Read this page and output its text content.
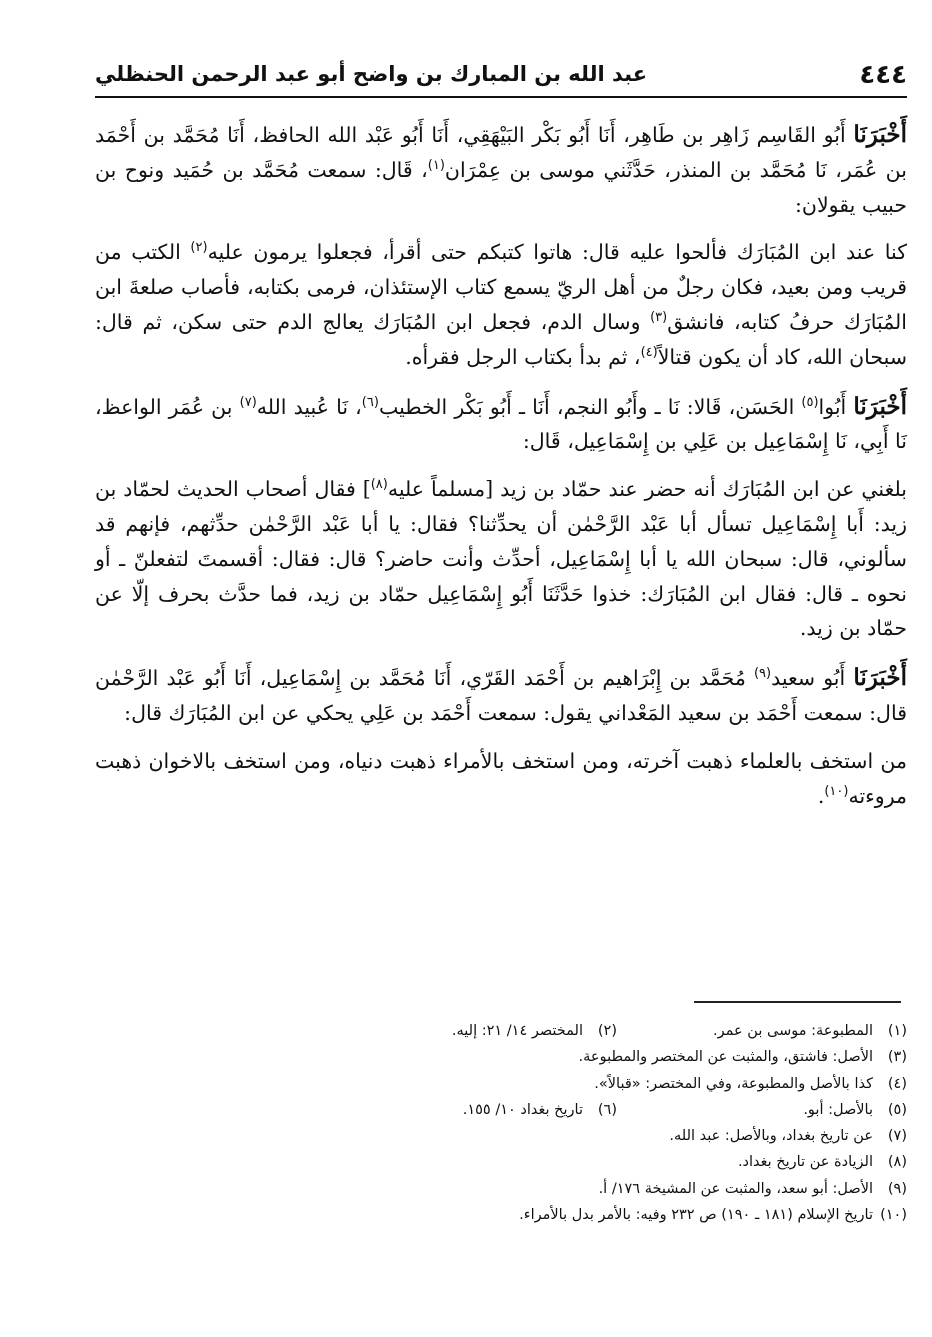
٤٤٤
عبد الله بن المبارك بن واضح أبو عبد الرحمن الحنظلي

أَخْبَرَنَا أَبُو القَاسِم زَاهِر بن طَاهِر، أَنَا أَبُو بَكْر البَيْهَقِي، أَنَا أَبُو عَبْد الله الحافظ، أَنَا مُحَمَّد بن أَحْمَد بن عُمَر، نَا مُحَمَّد بن المنذر، حَدَّثَني موسى بن عِمْرَان$^{(١)}$، قَال: سمعت مُحَمَّد بن حُمَيد ونوح بن حبيب يقولان:

كنا عند ابن المُبَارَك فألحوا عليه قال: هاتوا كتبكم حتى أقرأ، فجعلوا يرمون عليه$^{(٢)}$ الكتب من قريب ومن بعيد، فكان رجلٌ من أهل الريّ يسمع كتاب الإستئذان، فرمى بكتابه، فأصاب صلعةَ ابن المُبَارَك حرفُ كتابه، فانشق$^{(٣)}$ وسال الدم، فجعل ابن المُبَارَك يعالج الدم حتى سكن، ثم قال: سبحان الله، كاد أن يكون قتالاً$^{(٤)}$، ثم بدأ بكتاب الرجل فقرأه.

أَخْبَرَنَا أَبُوا$^{(٥)}$ الحَسَن، قَالا: نَا ـ وأَبُو النجم، أَنَا ـ أَبُو بَكْر الخطيب$^{(٦)}$، نَا عُبيد الله$^{(٧)}$ بن عُمَر الواعظ، نَا أَبِي، نَا إِسْمَاعِيل بن عَلِي بن إِسْمَاعِيل، قَال:

بلغني عن ابن المُبَارَك أنه حضر عند حمّاد بن زيد [مسلماً عليه$^{(٨)}$] فقال أصحاب الحديث لحمّاد بن زيد: أَبا إِسْمَاعِيل تسأل أبا عَبْد الرَّحْمٰن أن يحدِّثنا؟ فقال: يا أبا عَبْد الرَّحْمٰن حدِّثهم، فإنهم قد سألوني، قال: سبحان الله يا أبا إِسْمَاعِيل، أحدِّث وأنت حاضر؟ قال: فقال: أقسمتَ لتفعلنّ ـ أو نحوه ـ قال: فقال ابن المُبَارَك: خذوا حَدَّثَنَا أَبُو إِسْمَاعِيل حمّاد بن زيد، فما حدَّث بحرف إلّا عن حمّاد بن زيد.

أَخْبَرَنَا أَبُو سعيد$^{(٩)}$ مُحَمَّد بن إِبْرَاهيم بن أَحْمَد القَرّي، أَنَا مُحَمَّد بن إِسْمَاعِيل، أَنَا أَبُو عَبْد الرَّحْمٰن قال: سمعت أَحْمَد بن سعيد المَعْداني يقول: سمعت أَحْمَد بن عَلِي يحكي عن ابن المُبَارَك قال:

من استخف بالعلماء ذهبت آخرته، ومن استخف بالأمراء ذهبت دنياه، ومن استخف بالاخوان ذهبت مروءته$^{(١٠)}$.

(١)
المطبوعة: موسى بن عمر.
(٢)
المختصر ١٤/ ٢١: إليه.
(٣)
الأصل: فاشتق، والمثبت عن المختصر والمطبوعة.
(٤)
كذا بالأصل والمطبوعة، وفي المختصر: «قبالاً».
(٥)
بالأصل: أبو.
(٦)
تاريخ بغداد ١٠/ ١٥٥.
(٧)
عن تاريخ بغداد، وبالأصل: عبد الله.
(٨)
الزيادة عن تاريخ بغداد.
(٩)
الأصل: أبو سعد، والمثبت عن المشيخة ١٧٦/ أ.
(١٠)
تاريخ الإسلام (١٨١ ـ ١٩٠) ص ٢٣٢ وفيه: بالأمر بدل بالأمراء.
